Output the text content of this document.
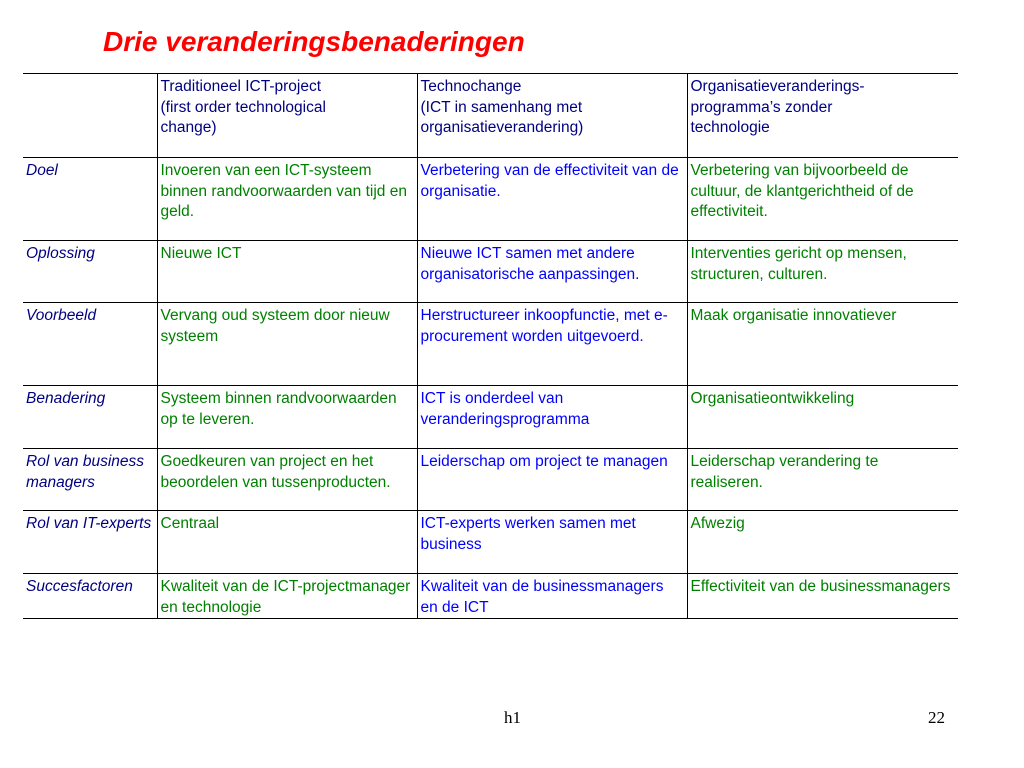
Drie veranderingsbenaderingen

	Traditioneel ICT-project
(first order technological
change)	Technochange
(ICT in samenhang met
organisatieverandering)	Organisatieveranderings-
programma’s zonder
technologie

Doel	Invoeren van een ICT-systeem binnen randvoorwaarden van tijd en geld.	Verbetering van de effectiviteit van de organisatie.	Verbetering van bijvoorbeeld de cultuur, de klantgerichtheid of de effectiviteit.
Oplossing	Nieuwe ICT	Nieuwe ICT samen met andere organisatorische aanpassingen.	Interventies gericht op mensen, structuren, culturen.
Voorbeeld	Vervang oud systeem door nieuw systeem	Herstructureer inkoopfunctie, met e-procurement worden uitgevoerd.	Maak organisatie innovatiever
Benadering	Systeem binnen randvoorwaarden op te leveren.	ICT is onderdeel van veranderingsprogramma	Organisatieontwikkeling
Rol van businessmanagers	Goedkeuren van project en het beoordelen van tussenproducten.	Leiderschap om project te managen	Leiderschap verandering te realiseren.
Rol van IT-experts	Centraal	ICT-experts werken samen met business	Afwezig
Succesfactoren	Kwaliteit van de ICT-projectmanager en technologie	Kwaliteit van de businessmanagers en de ICT	Effectiviteit van de businessmanagers
h1	22
